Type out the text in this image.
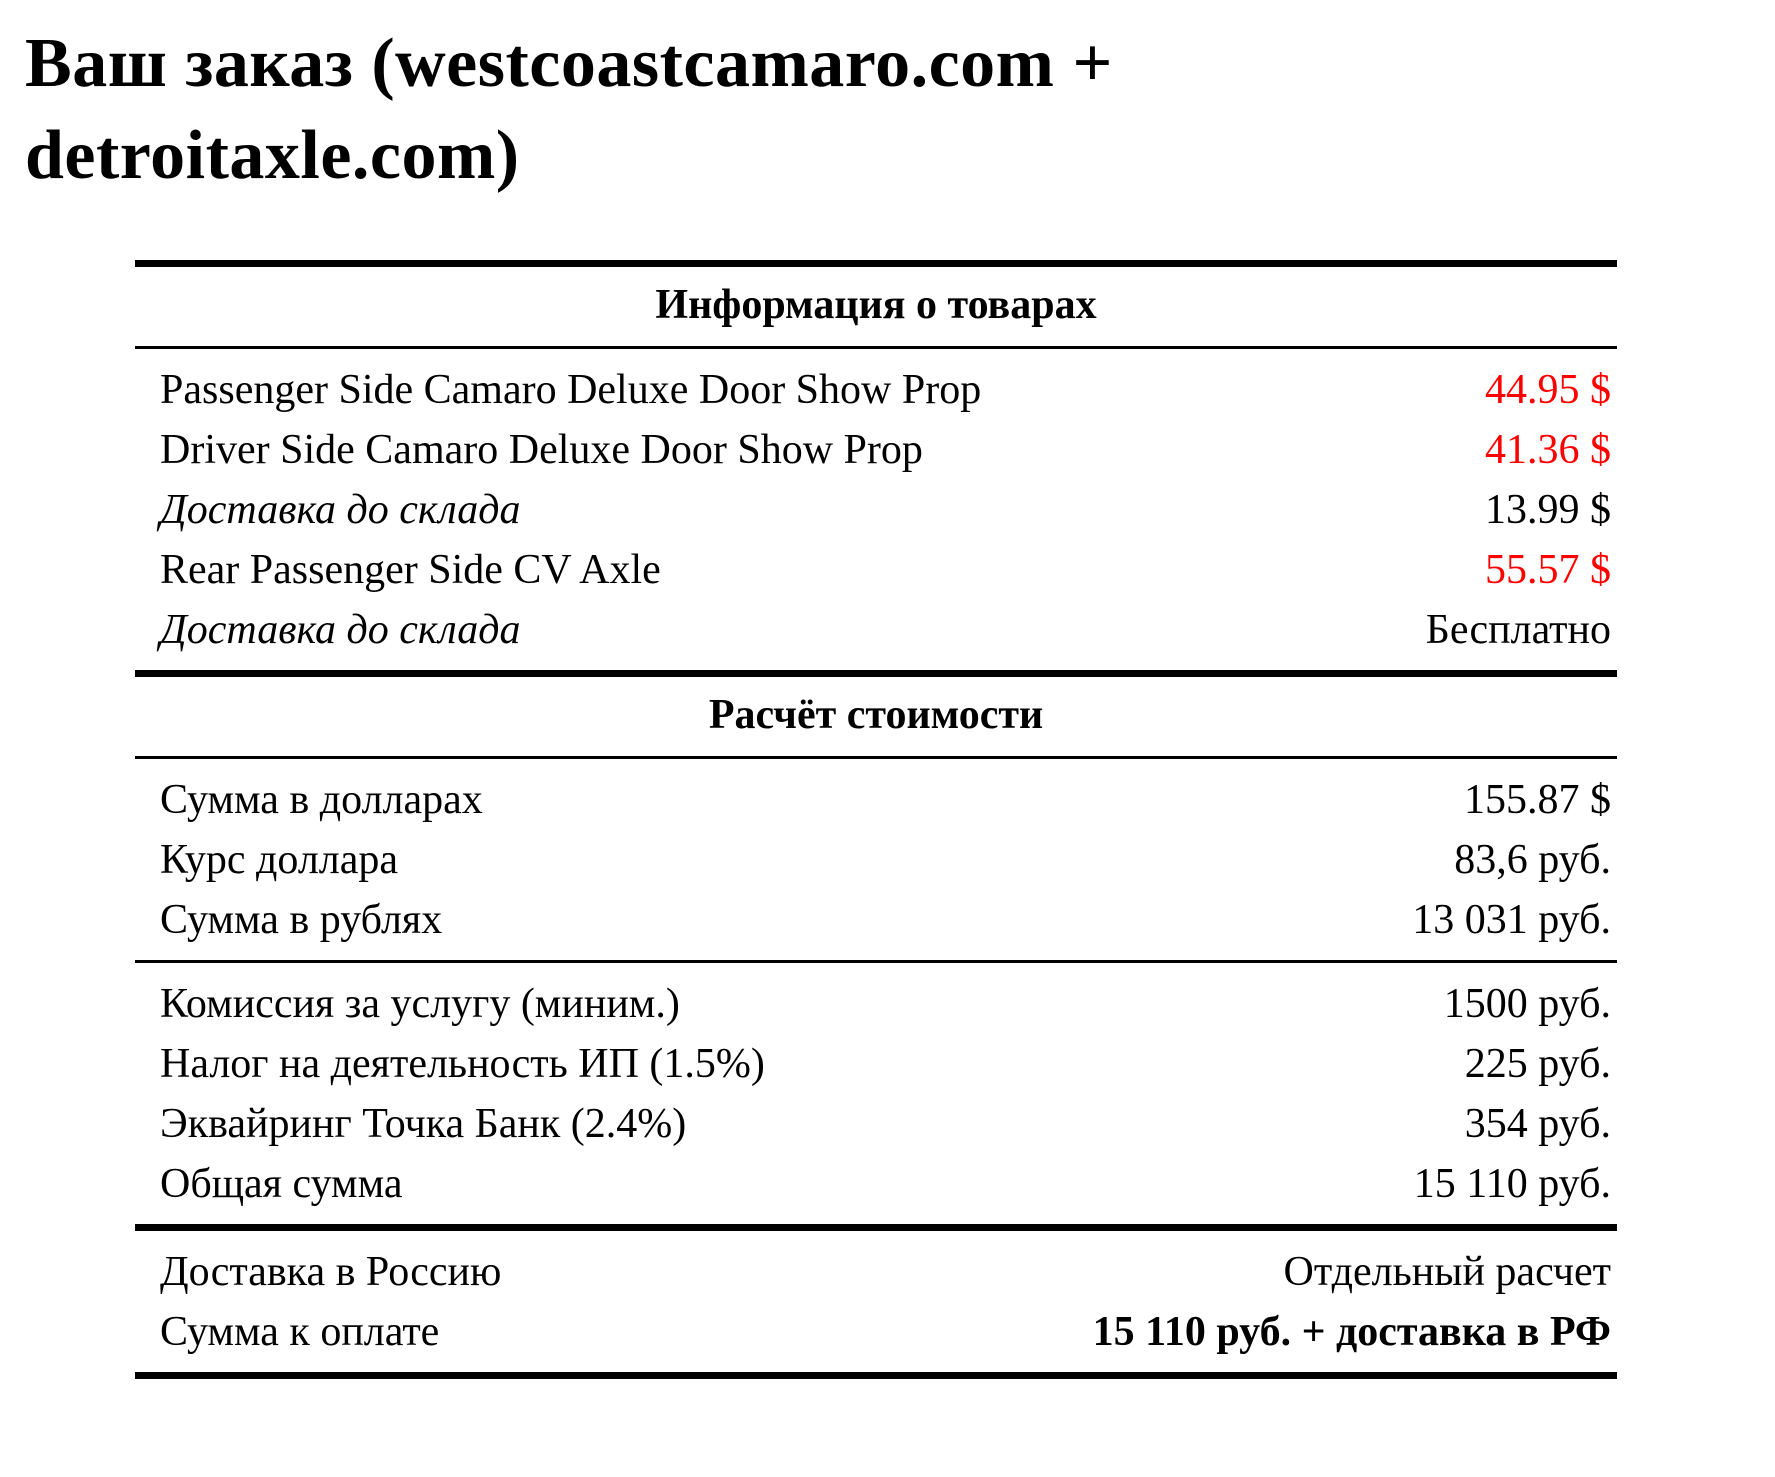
Ваш заказ (westcoastcamaro.com + detroitaxle.com)
Информация о товарах
Passenger Side Camaro Deluxe Door Show Prop	44.95 $
Driver Side Camaro Deluxe Door Show Prop	41.36 $
Доставка до склада	13.99 $
Rear Passenger Side CV Axle	55.57 $
Доставка до склада	Бесплатно
Расчёт стоимости
Сумма в долларах	155.87 $
Курс доллара	83,6 руб.
Сумма в рублях	13 031 руб.
Комиссия за услугу (миним.)	1500 руб.
Налог на деятельность ИП (1.5%)	225 руб.
Эквайринг Точка Банк (2.4%)	354 руб.
Общая сумма	15 110 руб.
Доставка в Россию	Отдельный расчет
Сумма к оплате	15 110 руб. + доставка в РФ
